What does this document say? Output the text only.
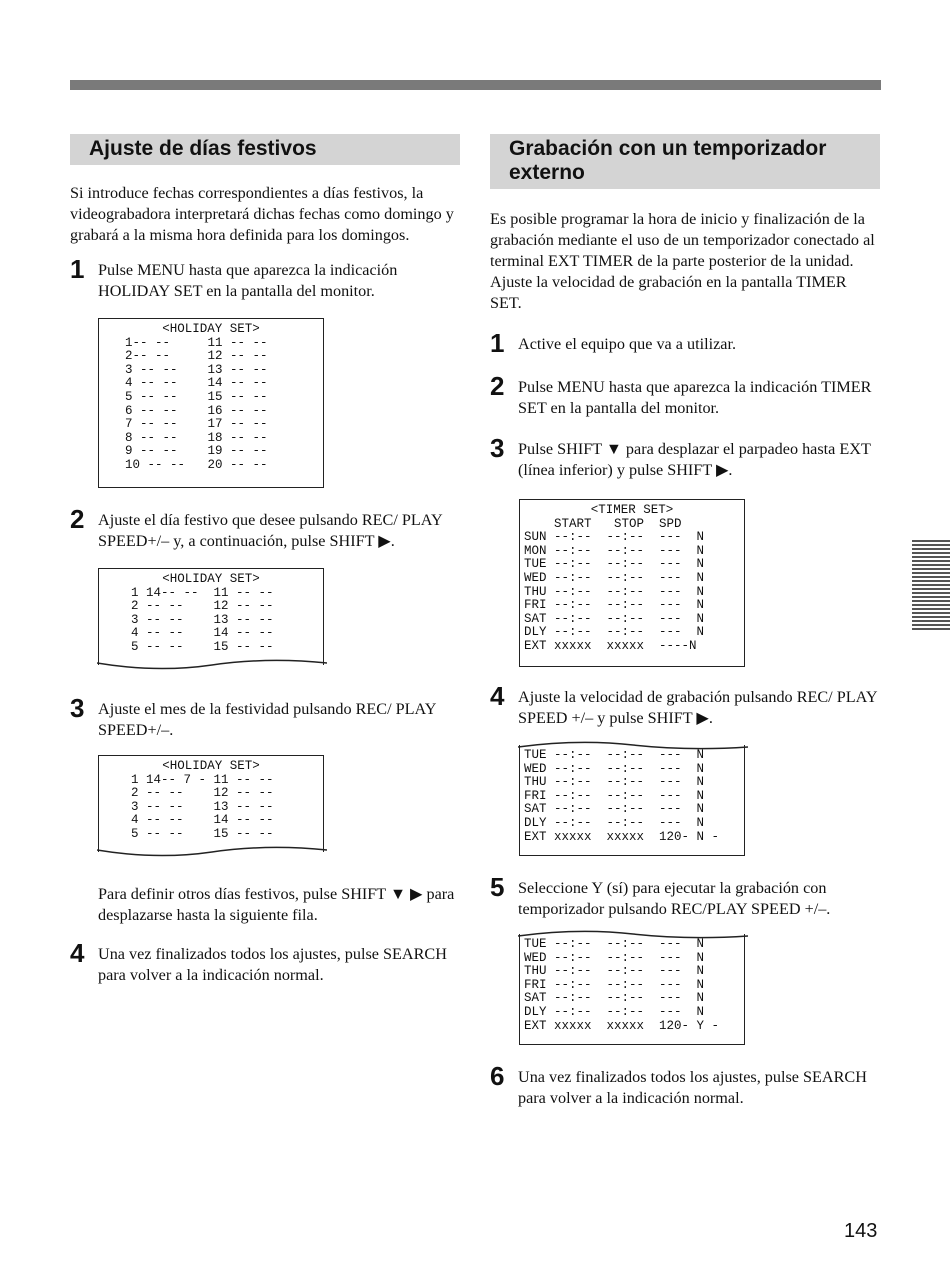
Ajuste de días festivos

Si introduce fechas correspondientes a días festivos, la videograbadora interpretará dichas fechas como domingo y grabará a la misma hora definida para los domingos.

1 Pulse MENU hasta que aparezca la indicación HOLIDAY SET en la pantalla del monitor.
<HOLIDAY SET>
1-- --     11 -- --
2-- --     12 -- --
3 -- --    13 -- --
4 -- --    14 -- --
5 -- --    15 -- --
6 -- --    16 -- --
7 -- --    17 -- --
8 -- --    18 -- --
9 -- --    19 -- --
10 -- --   20 -- --
2 Ajuste el día festivo que desee pulsando REC/ PLAY SPEED+/– y, a continuación, pulse SHIFT ▶.
<HOLIDAY SET>
1 14-- --  11 -- --
2 -- --    12 -- --
3 -- --    13 -- --
4 -- --    14 -- --
5 -- --    15 -- --
3 Ajuste el mes de la festividad pulsando REC/ PLAY SPEED+/–.
<HOLIDAY SET>
1 14-- 7 - 11 -- --
2 -- --    12 -- --
3 -- --    13 -- --
4 -- --    14 -- --
5 -- --    15 -- --

Para definir otros días festivos, pulse SHIFT ▼ ▶ para desplazarse hasta la siguiente fila.

4 Una vez finalizados todos los ajustes, pulse SEARCH para volver a la indicación normal.
Grabación con un temporizador externo

Es posible programar la hora de inicio y finalización de la grabación mediante el uso de un temporizador conectado al terminal EXT TIMER de la parte posterior de la unidad. Ajuste la velocidad de grabación en la pantalla TIMER SET.

1 Active el equipo que va a utilizar.
2 Pulse MENU hasta que aparezca la indicación TIMER SET en la pantalla del monitor.
3 Pulse SHIFT ▼ para desplazar el parpadeo hasta EXT (línea inferior) y pulse SHIFT ▶.
<TIMER SET>
START   STOP  SPD
SUN --:--  --:--  ---  N
MON --:--  --:--  ---  N
TUE --:--  --:--  ---  N
WED --:--  --:--  ---  N
THU --:--  --:--  ---  N
FRI --:--  --:--  ---  N
SAT --:--  --:--  ---  N
DLY --:--  --:--  ---  N
EXT xxxxx  xxxxx  ----N
4 Ajuste la velocidad de grabación pulsando REC/ PLAY SPEED +/– y pulse SHIFT ▶.
TUE --:--  --:--  ---  N
WED --:--  --:--  ---  N
THU --:--  --:--  ---  N
FRI --:--  --:--  ---  N
SAT --:--  --:--  ---  N
DLY --:--  --:--  ---  N
EXT xxxxx  xxxxx  120- N -
5 Seleccione Y (sí) para ejecutar la grabación con temporizador pulsando REC/PLAY SPEED +/–.
TUE --:--  --:--  ---  N
WED --:--  --:--  ---  N
THU --:--  --:--  ---  N
FRI --:--  --:--  ---  N
SAT --:--  --:--  ---  N
DLY --:--  --:--  ---  N
EXT xxxxx  xxxxx  120- Y -
6 Una vez finalizados todos los ajustes, pulse SEARCH para volver a la indicación normal.
143
